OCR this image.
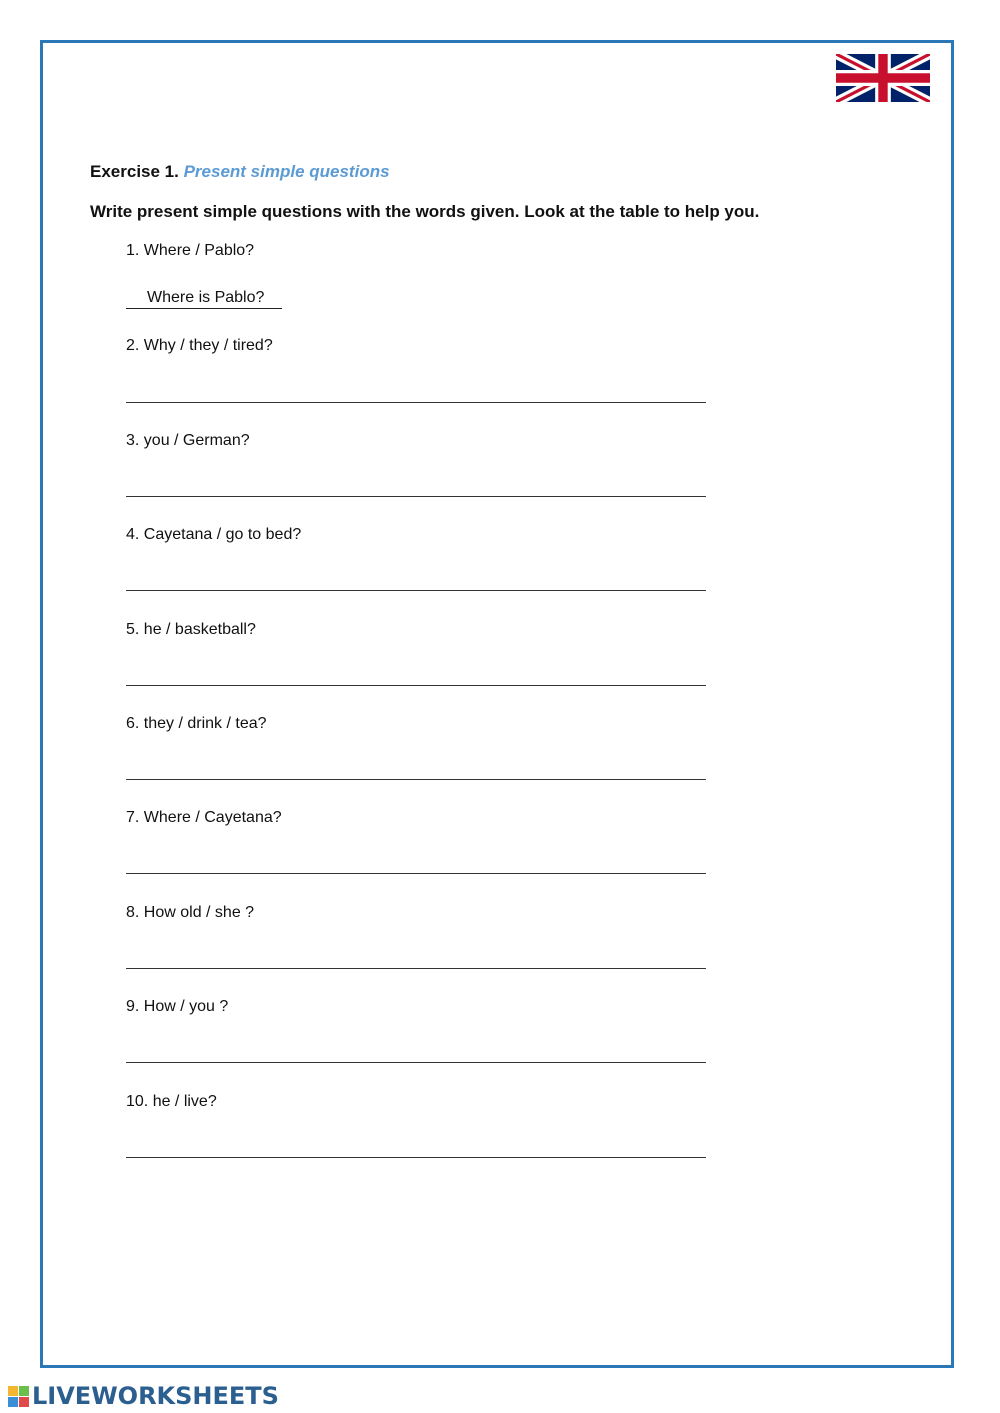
Exercise 1. Present simple questions
Write present simple questions with the words given. Look at the table to help you.
1. Where / Pablo?
Where is Pablo?
2. Why / they / tired?
3. you / German?
4. Cayetana / go to bed?
5. he / basketball?
6. they / drink / tea?
7. Where / Cayetana?
8. How old / she ?
9. How / you ?
10. he / live?
LIVEWORKSHEETS
